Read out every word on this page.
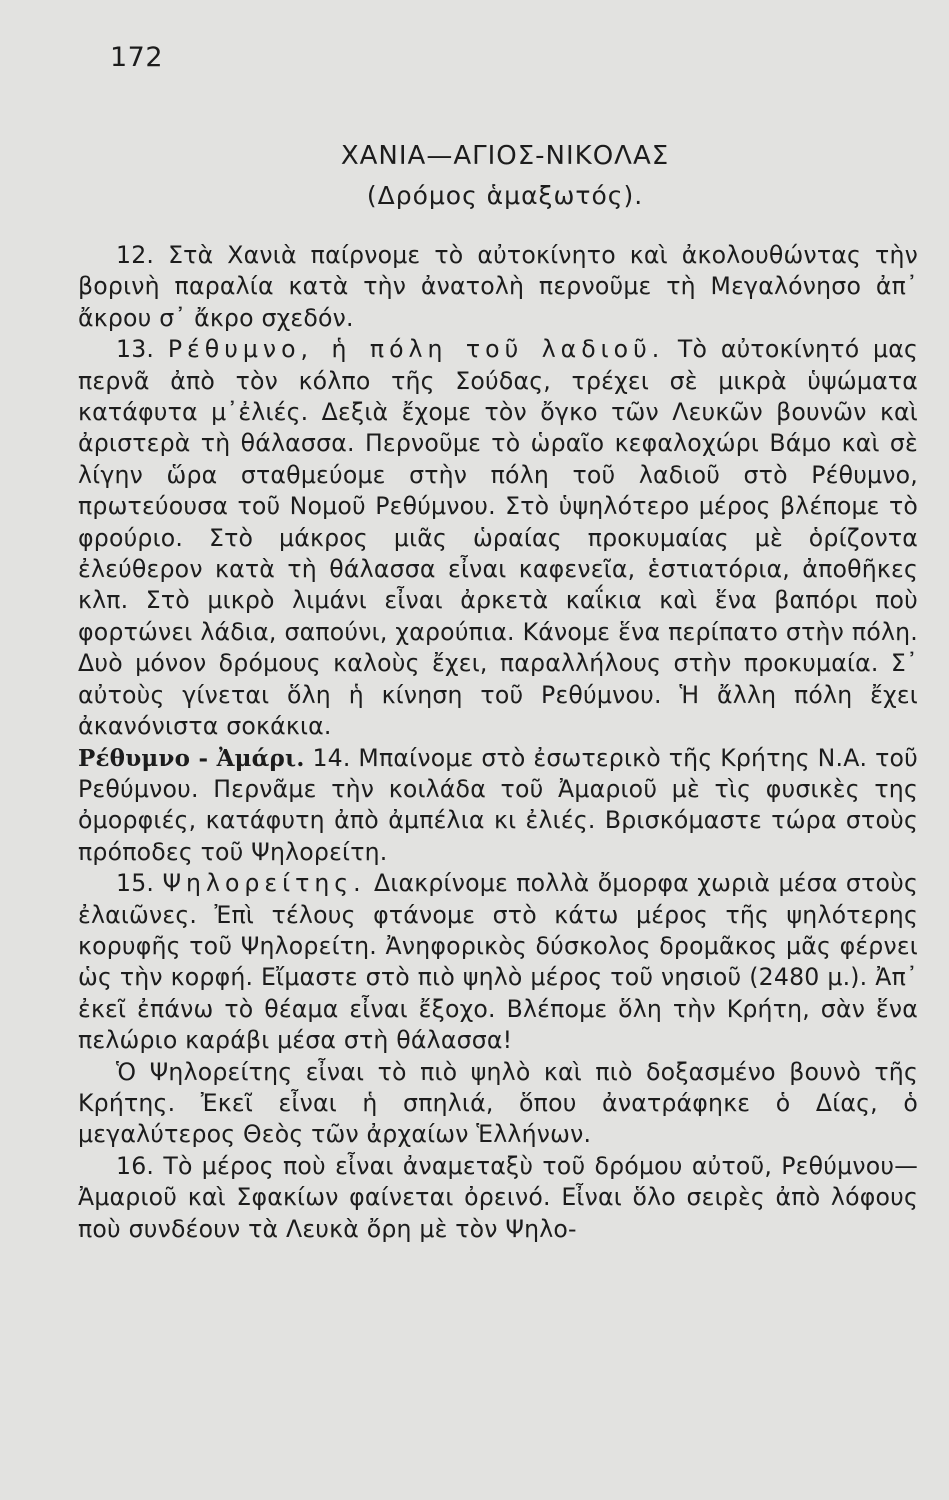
172
ΧΑΝΙΑ—ΑΓΙΟΣ-ΝΙΚΟΛΑΣ
(Δρόμος ἁμαξωτός).

12. Στὰ Χανιὰ παίρνομε τὸ αὐτοκίνητο καὶ ἀκολουθώντας τὴν βορινὴ παραλία κατὰ τὴν ἀνατολὴ περνοῦμε τὴ Μεγαλόνησο ἀπ᾿ ἄκρου σ᾿ ἄκρο σχεδόν.

13. Ρέθυμνο, ἡ πόλη τοῦ λαδιοῦ. Τὸ αὐτοκίνητό μας περνᾶ ἀπὸ τὸν κόλπο τῆς Σούδας, τρέχει σὲ μικρὰ ὑψώματα κατάφυτα μ᾿ἐλιές. Δεξιὰ ἔχομε τὸν ὄγκο τῶν Λευκῶν βουνῶν καὶ ἀριστερὰ τὴ θάλασσα. Περνοῦμε τὸ ὡραῖο κεφαλοχώρι Βάμο καὶ σὲ λίγην ὥρα σταθμεύομε στὴν πόλη τοῦ λαδιοῦ στὸ Ρέθυμνο, πρωτεύουσα τοῦ Νομοῦ Ρεθύμνου. Στὸ ὑψηλότερο μέρος βλέπομε τὸ φρούριο. Στὸ μάκρος μιᾶς ὡραίας προκυμαίας μὲ ὁρίζοντα ἐλεύθερον κατὰ τὴ θάλασσα εἶναι καφενεῖα, ἑστιατόρια, ἀποθῆκες κλπ. Στὸ μικρὸ λιμάνι εἶναι ἀρκετὰ καΐκια καὶ ἕνα βαπόρι ποὺ φορτώνει λάδια, σαπούνι, χαρούπια. Κάνομε ἕνα περίπατο στὴν πόλη. Δυὸ μόνον δρόμους καλοὺς ἔχει, παραλλήλους στὴν προκυμαία. Σ᾿ αὐτοὺς γίνεται ὅλη ἡ κίνηση τοῦ Ρεθύμνου. Ἡ ἄλλη πόλη ἔχει ἀκανόνιστα σοκάκια.

Ρέθυμνο - Ἀμάρι. 14. Μπαίνομε στὸ ἐσωτερικὸ τῆς Κρήτης Ν.Α. τοῦ Ρεθύμνου. Περνᾶμε τὴν κοιλάδα τοῦ Ἀμαριοῦ μὲ τὶς φυσικὲς της ὀμορφιές, κατάφυτη ἀπὸ ἀμπέλια κι ἐλιές. Βρισκόμαστε τώρα στοὺς πρόποδες τοῦ Ψηλορείτη.

15. Ψηλορείτης. Διακρίνομε πολλὰ ὄμορφα χωριὰ μέσα στοὺς ἐλαιῶνες. Ἐπὶ τέλους φτάνομε στὸ κάτω μέρος τῆς ψηλότερης κορυφῆς τοῦ Ψηλορείτη. Ἀνηφορικὸς δύσκολος δρομᾶκος μᾶς φέρνει ὡς τὴν κορφή. Εἴμαστε στὸ πιὸ ψηλὸ μέρος τοῦ νησιοῦ (2480 μ.). Ἀπ᾿ ἐκεῖ ἐπάνω τὸ θέαμα εἶναι ἔξοχο. Βλέπομε ὅλη τὴν Κρήτη, σὰν ἕνα πελώριο καράβι μέσα στὴ θάλασσα!

Ὁ Ψηλορείτης εἶναι τὸ πιὸ ψηλὸ καὶ πιὸ δοξασμένο βουνὸ τῆς Κρήτης. Ἐκεῖ εἶναι ἡ σπηλιά, ὅπου ἀνατράφηκε ὁ Δίας, ὁ μεγαλύτερος Θεὸς τῶν ἀρχαίων Ἑλλήνων.

16. Τὸ μέρος ποὺ εἶναι ἀναμεταξὺ τοῦ δρόμου αὐτοῦ, Ρεθύμνου—Ἀμαριοῦ καὶ Σφακίων φαίνεται ὀρεινό. Εἶναι ὅλο σειρὲς ἀπὸ λόφους ποὺ συνδέουν τὰ Λευκὰ ὄρη μὲ τὸν Ψηλο-
